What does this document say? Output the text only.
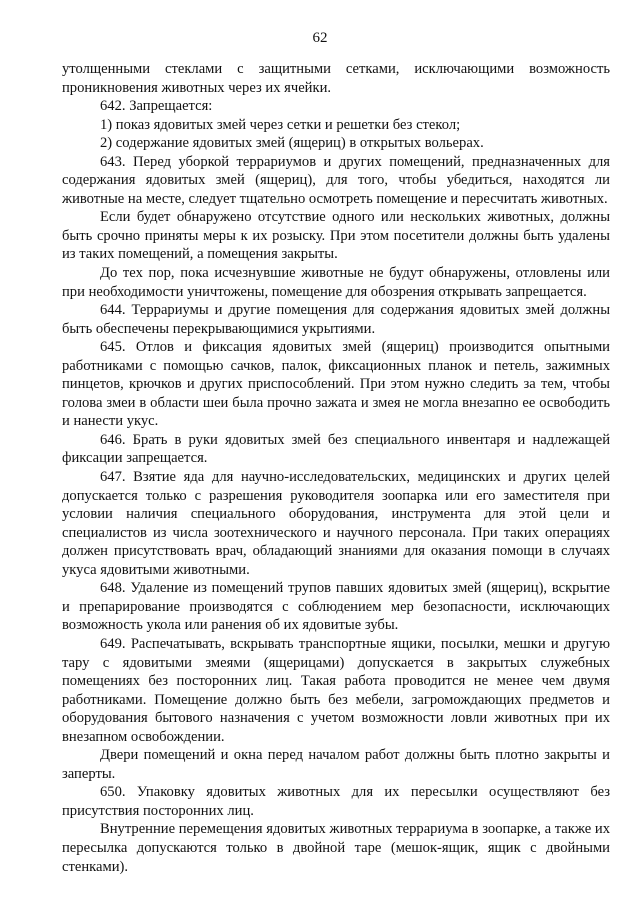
62

утолщенными стеклами с защитными сетками, исключающими возможность проникновения животных через их ячейки.

642. Запрещается:

1) показ ядовитых змей через сетки и решетки без стекол;

2) содержание ядовитых змей (ящериц) в открытых вольерах.

643. Перед уборкой террариумов и других помещений, предназначенных для содержания ядовитых змей (ящериц), для того, чтобы убедиться, находятся ли животные на месте, следует тщательно осмотреть помещение и пересчитать животных.

Если будет обнаружено отсутствие одного или нескольких животных, должны быть срочно приняты меры к их розыску. При этом посетители должны быть удалены из таких помещений, а помещения закрыты.

До тех пор, пока исчезнувшие животные не будут обнаружены, отловлены или при необходимости уничтожены, помещение для обозрения открывать запрещается.

644. Террариумы и другие помещения для содержания ядовитых змей должны быть обеспечены перекрывающимися укрытиями.

645. Отлов и фиксация ядовитых змей (ящериц) производится опытными работниками с помощью сачков, палок, фиксационных планок и петель, зажимных пинцетов, крючков и других приспособлений. При этом нужно следить за тем, чтобы голова змеи в области шеи была прочно зажата и змея не могла внезапно ее освободить и нанести укус.

646. Брать в руки ядовитых змей без специального инвентаря и надлежащей фиксации запрещается.

647. Взятие яда для научно-исследовательских, медицинских и других целей допускается только с разрешения руководителя зоопарка или его заместителя при условии наличия специального оборудования, инструмента для этой цели и специалистов из числа зоотехнического и научного персонала. При таких операциях должен присутствовать врач, обладающий знаниями для оказания помощи в случаях укуса ядовитыми животными.

648. Удаление из помещений трупов павших ядовитых змей (ящериц), вскрытие и препарирование производятся с соблюдением мер безопасности, исключающих возможность укола или ранения об их ядовитые зубы.

649. Распечатывать, вскрывать транспортные ящики, посылки, мешки и другую тару с ядовитыми змеями (ящерицами) допускается в закрытых служебных помещениях без посторонних лиц. Такая работа проводится не менее чем двумя работниками. Помещение должно быть без мебели, загромождающих предметов и оборудования бытового назначения с учетом возможности ловли животных при их внезапном освобождении.

Двери помещений и окна перед началом работ должны быть плотно закрыты и заперты.

650. Упаковку ядовитых животных для их пересылки осуществляют без присутствия посторонних лиц.

Внутренние перемещения ядовитых животных террариума в зоопарке, а также их пересылка допускаются только в двойной таре (мешок-ящик, ящик с двойными стенками).
